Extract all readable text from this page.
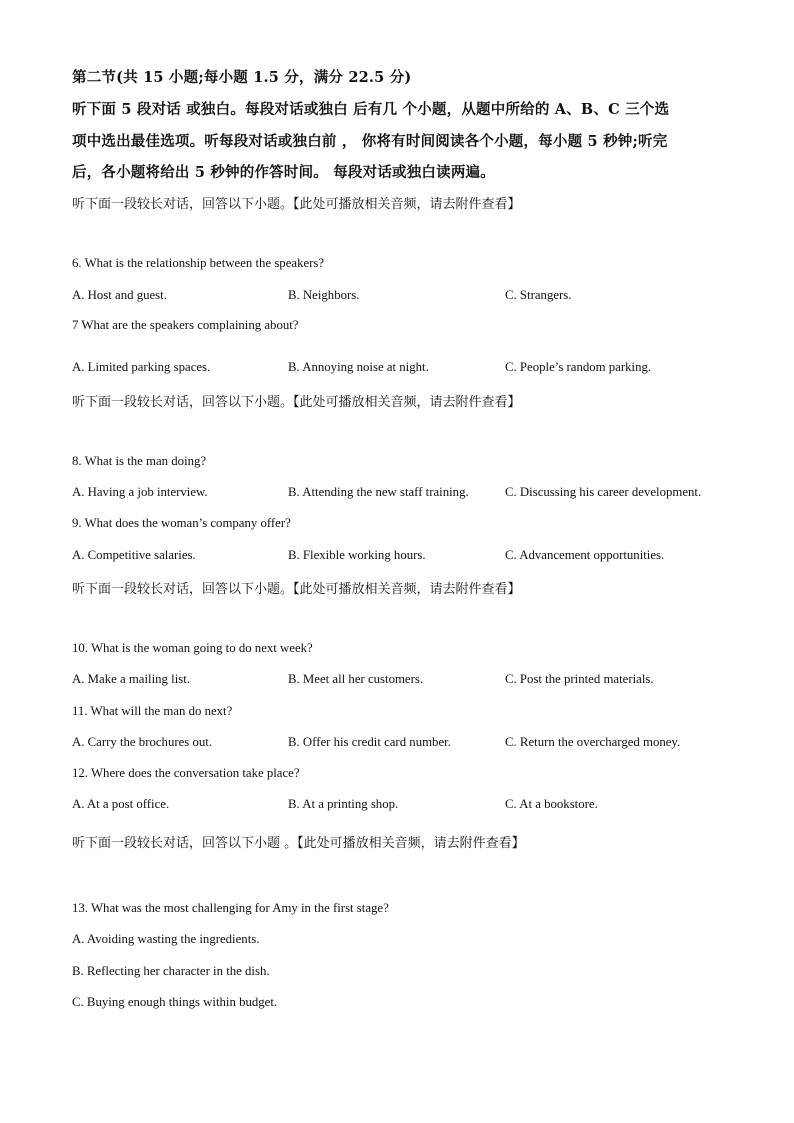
第二节(共 15 小题;每小题 1.5 分，满分 22.5 分)
听下面 5 段对话 或独白。每段对话或独白 后有几 个小题，从题中所给的 A、B、C 三个选
项中选出最佳选项。听每段对话或独白前 ， 你将有时间阅读各个小题，每小题 5 秒钟;听完
后，各小题将给出 5 秒钟的作答时间。 每段对话或独白读两遍。
听下面一段较长对话，回答以下小题。【此处可播放相关音频，请去附件查看】
6. What is the relationship between the speakers?
A. Host and guest.	B. Neighbors.	C. Strangers.
7 What are the speakers complaining about?
A. Limited parking spaces.	B. Annoying noise at night.	C. People’s random parking.
听下面一段较长对话，回答以下小题。【此处可播放相关音频，请去附件查看】
8. What is the man doing?
A. Having a job interview.	B. Attending the new staff training.	C. Discussing his career development.
9. What does the woman’s company offer?
A. Competitive salaries.	B. Flexible working hours.	C. Advancement opportunities.
听下面一段较长对话，回答以下小题。【此处可播放相关音频，请去附件查看】
10. What is the woman going to do next week?
A. Make a mailing list.	B. Meet all her customers.	C. Post the printed materials.
11. What will the man do next?
A. Carry the brochures out.	B. Offer his credit card number.	C. Return the overcharged money.
12. Where does the conversation take place?
A. At a post office.	B. At a printing shop.	C. At a bookstore.
听下面一段较长对话，回答以下小题 。【此处可播放相关音频，请去附件查看】
13. What was the most challenging for Amy in the first stage?
A. Avoiding wasting the ingredients.
B. Reflecting her character in the dish.
C. Buying enough things within budget.
